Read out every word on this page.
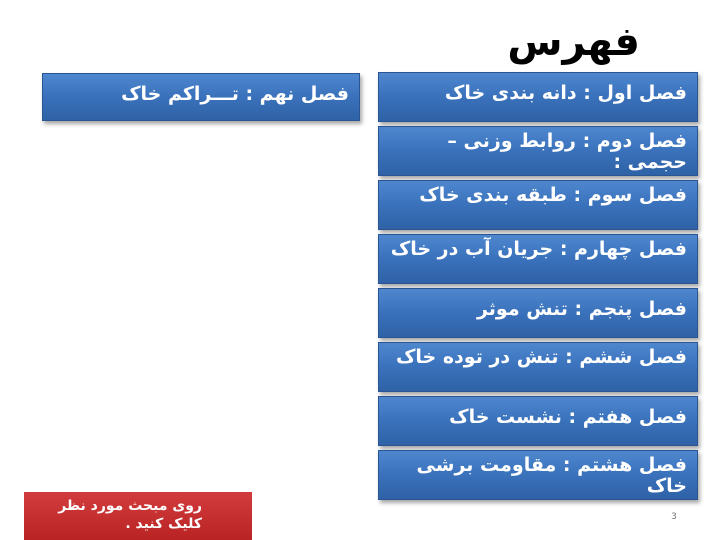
فهرس
فصل نهم : تـــراکم خاک	فصل اول : دانه بندی خاک
فصل دوم : روابط وزنی – حجمی :
فصل سوم : طبقه بندی خاک
فصل چهارم : جریان آب در خاک
فصل پنجم : تنش موثر
فصل ششم : تنش در توده خاک
فصل هفتم : نشست خاک
فصل هشتم : مقاومت برشی خاک
روی مبحث مورد نظر کلیک کنید .	3
